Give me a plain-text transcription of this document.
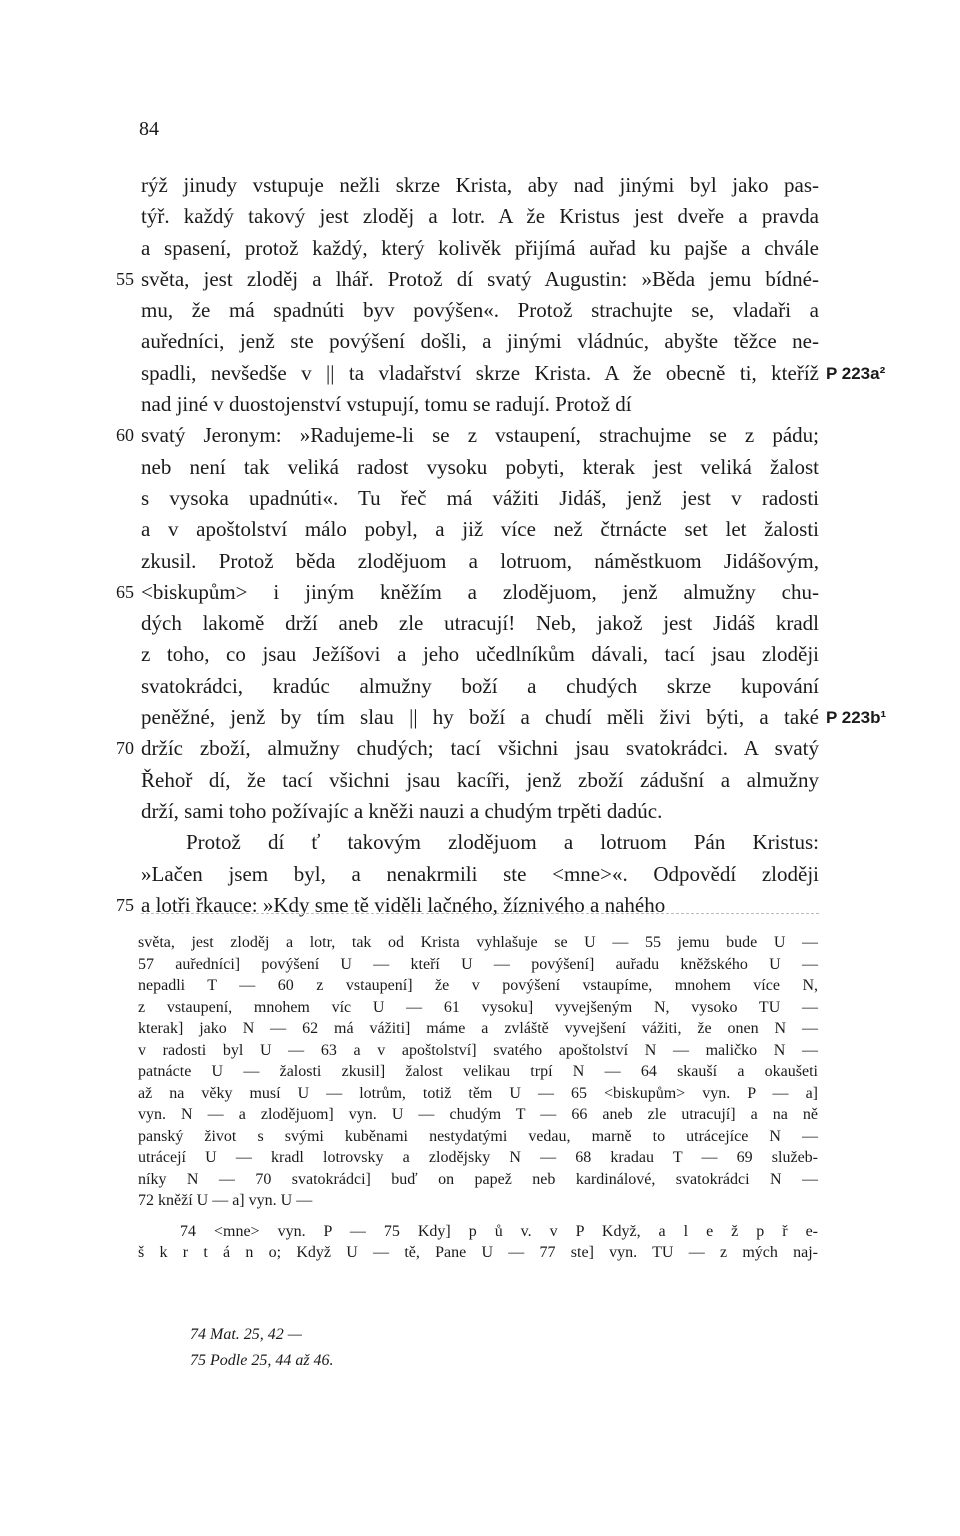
84
rýž jinudy vstupuje nežli skrze Krista, aby nad jinými byl jako pas-
týř. každý takový jest zloděj a lotr. A že Kristus jest dveře a pravda
a spasení, protož každý, který kolivěk přijímá auřad ku pajše a chvále
55 světa, jest zloděj a lhář. Protož dí svatý Augustin: »Běda jemu bídné-
mu, že má spadnúti byv povýšen«. Protož strachujte se, vladaři a
auředníci, jenž ste povýšení došli, a jinými vládnúc, abyšte těžce ne-
spadli, nevšedše v || ta vladařství skrze Krista. A že obecně ti, kteříž P 223a²
nad jiné v duostojenství vstupují, tomu se radují. Protož dí
60 svatý Jeronym: »Radujeme-li se z vstaupení, strachujme se z pádu;
neb není tak veliká radost vysoku pobyti, kterak jest veliká žalost
s vysoka upadnúti«. Tu řeč má vážiti Jidáš, jenž jest v radosti
a v apoštolství málo pobyl, a již více než čtrnácte set let žalosti
zkusil. Protož běda zlodějuom a lotruom, náměstkuom Jidášovým,
65 <biskupům> i jiným kněžím a zlodějuom, jenž almužny chu-
dých lakomě drží aneb zle utracují! Neb, jakož jest Jidáš kradl
z toho, co jsau Ježíšovi a jeho učedlníkům dávali, tací jsau zloději
svatokrádci, kradúc almužny boží a chudých skrze kupování
peněžné, jenž by tím slau || hy boží a chudí měli živi býti, a také P 223b¹
70 držíc zboží, almužny chudých; tací všichni jsau svatokrádci. A svatý
Řehoř dí, že tací všichni jsau kacíři, jenž zboží zádušní a almužny
drží, sami toho požívajíc a kněži nauzi a chudým trpěti dadúc.
Protož dí ť takovým zlodějuom a lotruom Pán Kristus:
»Lačen jsem byl, a nenakrmili ste <mne>«. Odpovědí zloději
75 a lotři řkauce: »Kdy sme tě viděli lačného, žíznivého a nahého
světa, jest zloděj a lotr, tak od Krista vyhlašuje se U — 55 jemu bude U —
57 auředníci] povýšení U — kteří U — povýšení] auřadu kněžského U —
nepadli T — 60 z vstaupení] že v povýšení vstaupíme, mnohem více N,
z vstaupení, mnohem víc U — 61 vysoku] vyvejšeným N, vysoko TU —
kterak] jako N — 62 má vážiti] máme a zvláště vyvejšení vážiti, že onen N —
v radosti byl U — 63 a v apoštolství] svatého apoštolství N — maličko N —
patnácte U — žalosti zkusil] žalost velikau trpí N — 64 skauší a okaušeti
až na věky musí U — lotrům, totiž těm U — 65 <biskupům> vyn. P — a]
vyn. N — a zlodějuom] vyn. U — chudým T — 66 aneb zle utracují] a na ně
panský život s svými kuběnami nestydatými vedau, marně to utrácejíce N —
utrácejí U — kradl lotrovsky a zlodějsky N — 68 kradau T — 69 služeb-
níky N — 70 svatokrádci] buď on papež neb kardinálové, svatokrádci N —
72 kněží U — a] vyn. U —
74 <mne> vyn. P — 75 Kdy] p ů v. v P Když, a l e ž p ř e-
š k r t á n o; Když U — tě, Pane U — 77 ste] vyn. TU — z mých naj-
74 Mat. 25, 42 —
75 Podle 25, 44 až 46.
